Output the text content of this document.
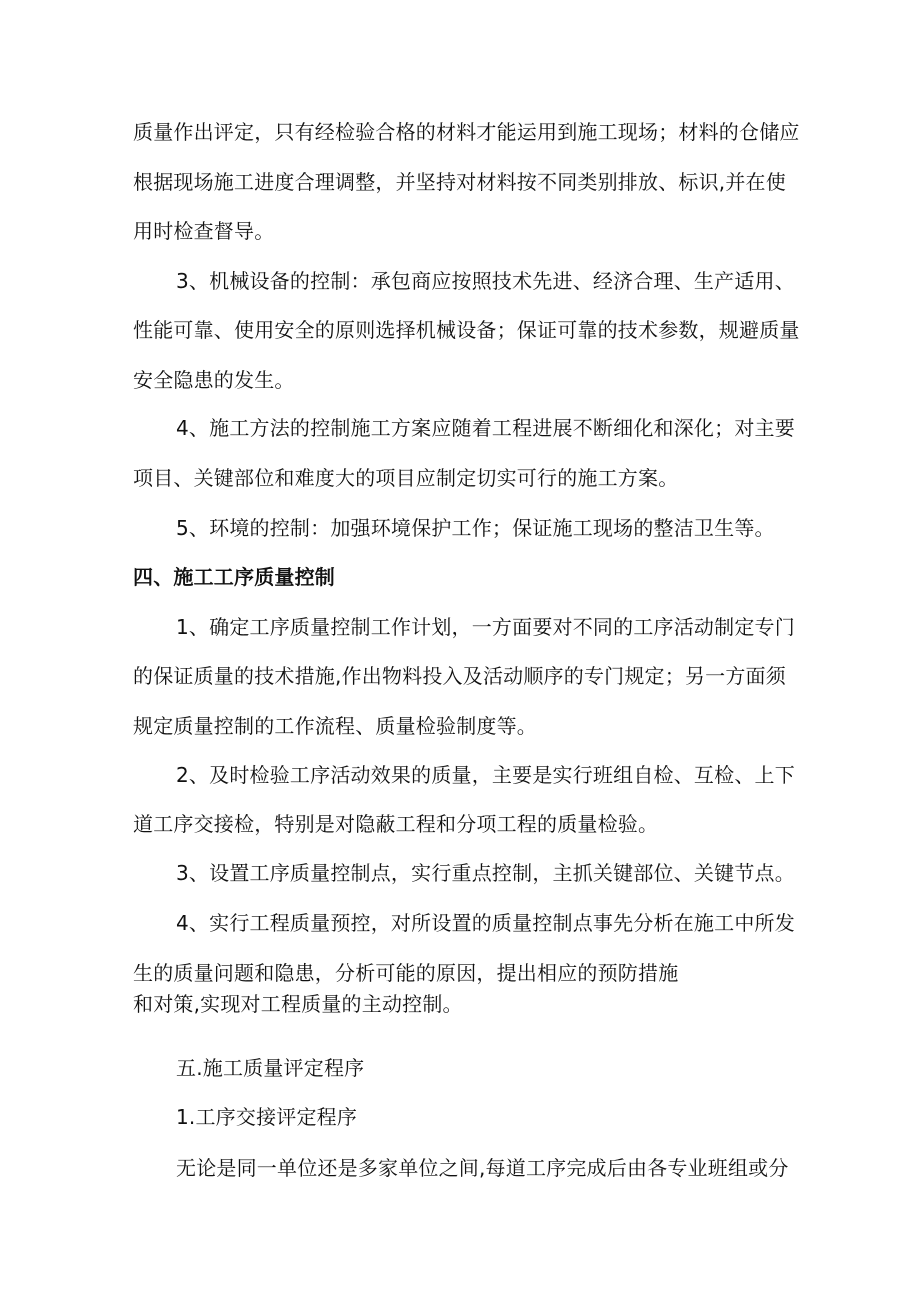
质量作出评定，只有经检验合格的材料才能运用到施工现场；材料的仓储应
根据现场施工进度合理调整，并坚持对材料按不同类别排放、标识,并在使
用时检查督导。
3、机械设备的控制：承包商应按照技术先进、经济合理、生产适用、
性能可靠、使用安全的原则选择机械设备；保证可靠的技术参数，规避质量
安全隐患的发生。
4、施工方法的控制施工方案应随着工程进展不断细化和深化；对主要
项目、关键部位和难度大的项目应制定切实可行的施工方案。
5、环境的控制：加强环境保护工作；保证施工现场的整洁卫生等。
四、施工工序质量控制
1、确定工序质量控制工作计划，一方面要对不同的工序活动制定专门
的保证质量的技术措施,作出物料投入及活动顺序的专门规定；另一方面须
规定质量控制的工作流程、质量检验制度等。
2、及时检验工序活动效果的质量，主要是实行班组自检、互检、上下
道工序交接检，特别是对隐蔽工程和分项工程的质量检验。
3、设置工序质量控制点，实行重点控制，主抓关键部位、关键节点。
4、实行工程质量预控，对所设置的质量控制点事先分析在施工中所发
生的质量问题和隐患，分析可能的原因，提出相应的预防措施
和对策,实现对工程质量的主动控制。
五.施工质量评定程序
1.工序交接评定程序
无论是同一单位还是多家单位之间,每道工序完成后由各专业班组或分
